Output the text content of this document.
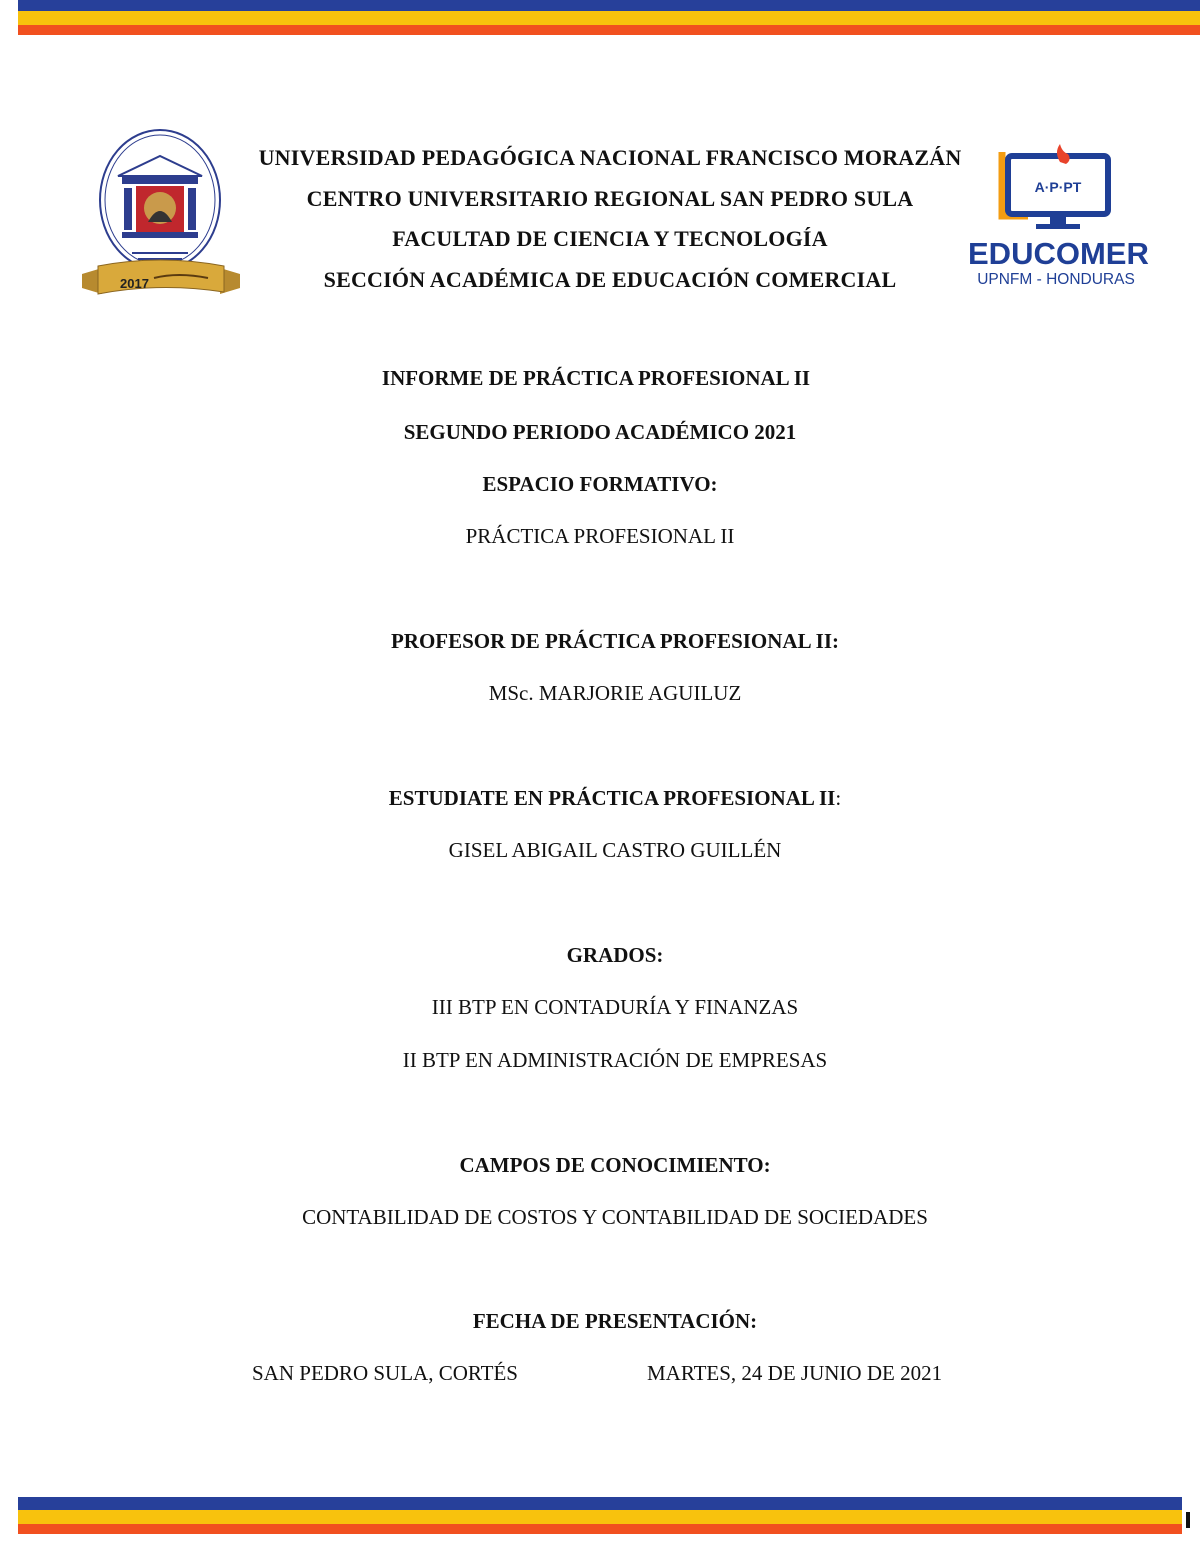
2017
UNIVERSIDAD PEDAGÓGICA NACIONAL FRANCISCO MORAZÁN
CENTRO UNIVERSITARIO REGIONAL SAN PEDRO SULA
FACULTAD DE CIENCIA Y TECNOLOGÍA
SECCIÓN ACADÉMICA DE EDUCACIÓN COMERCIAL
A·P·PT
EDUCOMER
UPNFM - HONDURAS
INFORME DE PRÁCTICA PROFESIONAL II
SEGUNDO PERIODO ACADÉMICO 2021
ESPACIO FORMATIVO:
PRÁCTICA PROFESIONAL II
PROFESOR DE PRÁCTICA PROFESIONAL II:
MSc. MARJORIE AGUILUZ
ESTUDIATE EN PRÁCTICA PROFESIONAL II:
GISEL ABIGAIL CASTRO GUILLÉN
GRADOS:
III BTP EN CONTADURÍA Y FINANZAS
II BTP EN ADMINISTRACIÓN DE EMPRESAS
CAMPOS DE CONOCIMIENTO:
CONTABILIDAD DE COSTOS Y CONTABILIDAD DE SOCIEDADES
FECHA DE PRESENTACIÓN:
SAN PEDRO SULA, CORTÉS	MARTES, 24 DE JUNIO DE 2021
